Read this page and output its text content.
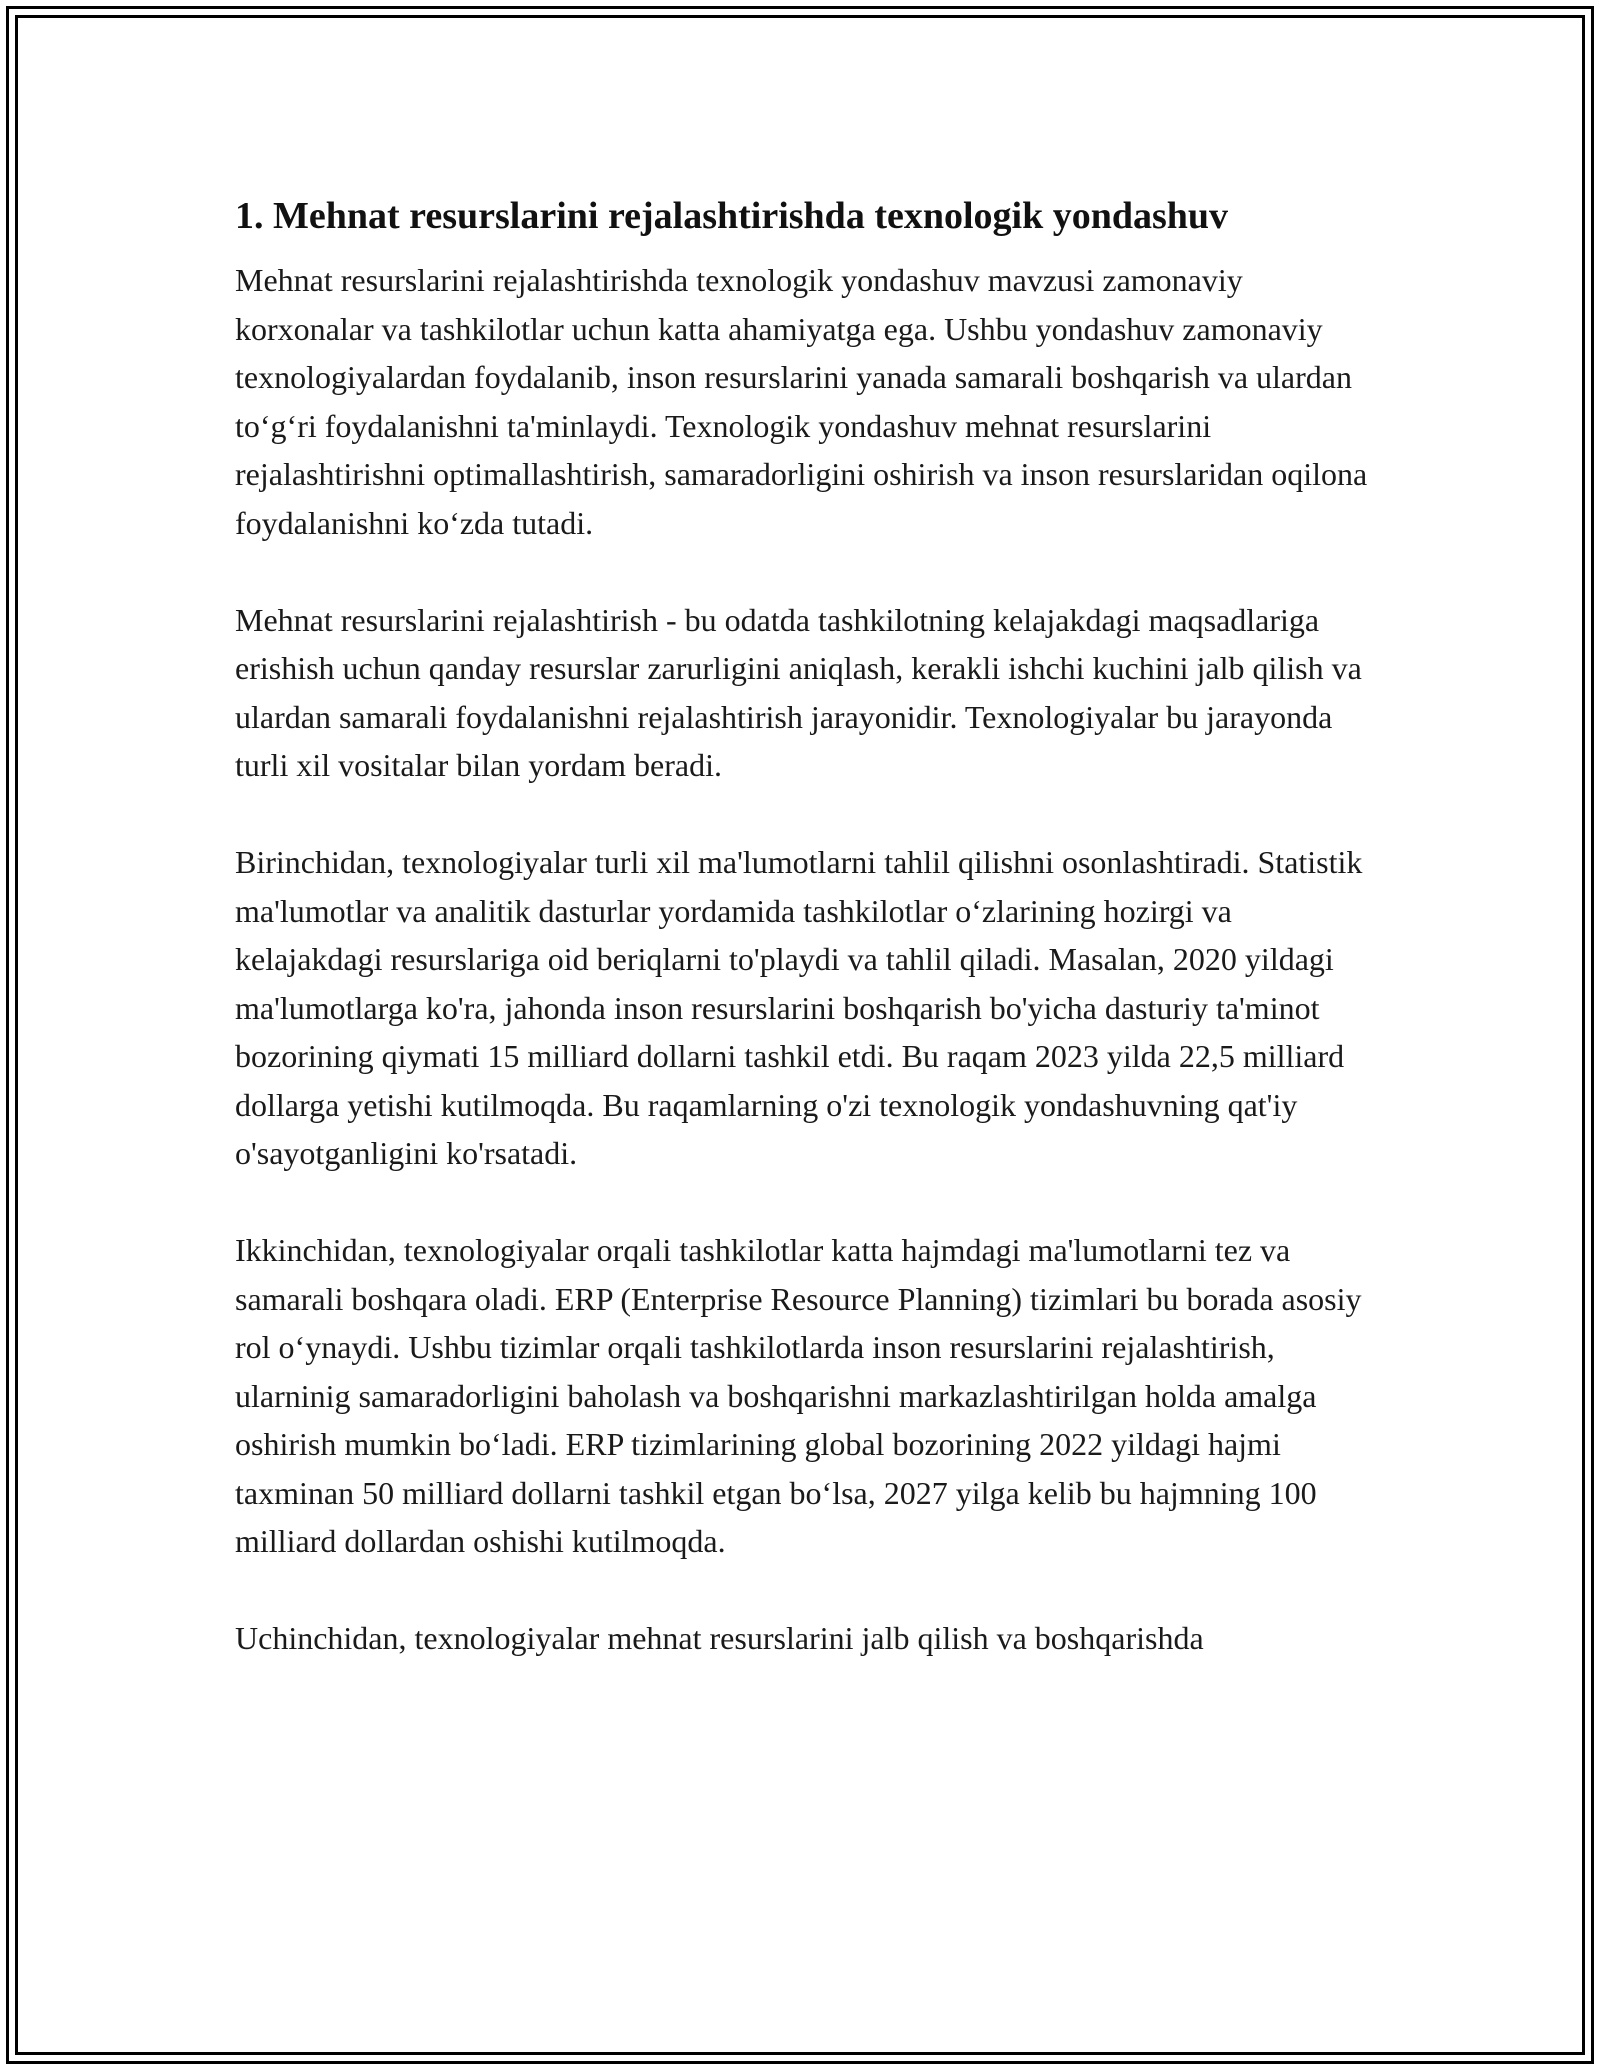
1. Mehnat resurslarini rejalashtirishda texnologik yondashuv

Mehnat resurslarini rejalashtirishda texnologik yondashuv mavzusi zamonaviy korxonalar va tashkilotlar uchun katta ahamiyatga ega. Ushbu yondashuv zamonaviy texnologiyalardan foydalanib, inson resurslarini yanada samarali boshqarish va ulardan to‘g‘ri foydalanishni ta'minlaydi. Texnologik yondashuv mehnat resurslarini rejalashtirishni optimallashtirish, samaradorligini oshirish va inson resurslaridan oqilona foydalanishni ko‘zda tutadi.

Mehnat resurslarini rejalashtirish - bu odatda tashkilotning kelajakdagi maqsadlariga erishish uchun qanday resurslar zarurligini aniqlash, kerakli ishchi kuchini jalb qilish va ulardan samarali foydalanishni rejalashtirish jarayonidir. Texnologiyalar bu jarayonda turli xil vositalar bilan yordam beradi.

Birinchidan, texnologiyalar turli xil ma'lumotlarni tahlil qilishni osonlashtiradi. Statistik ma'lumotlar va analitik dasturlar yordamida tashkilotlar o‘zlarining hozirgi va kelajakdagi resurslariga oid beriqlarni to'playdi va tahlil qiladi. Masalan, 2020 yildagi ma'lumotlarga ko'ra, jahonda inson resurslarini boshqarish bo'yicha dasturiy ta'minot bozorining qiymati 15 milliard dollarni tashkil etdi. Bu raqam 2023 yilda 22,5 milliard dollarga yetishi kutilmoqda. Bu raqamlarning o'zi texnologik yondashuvning qat'iy o'sayotganligini ko'rsatadi.

Ikkinchidan, texnologiyalar orqali tashkilotlar katta hajmdagi ma'lumotlarni tez va samarali boshqara oladi. ERP (Enterprise Resource Planning) tizimlari bu borada asosiy rol o‘ynaydi. Ushbu tizimlar orqali tashkilotlarda inson resurslarini rejalashtirish, ularninig samaradorligini baholash va boshqarishni markazlashtirilgan holda amalga oshirish mumkin bo‘ladi. ERP tizimlarining global bozorining 2022 yildagi hajmi taxminan 50 milliard dollarni tashkil etgan bo‘lsa, 2027 yilga kelib bu hajmning 100 milliard dollardan oshishi kutilmoqda.

Uchinchidan, texnologiyalar mehnat resurslarini jalb qilish va boshqarishda
